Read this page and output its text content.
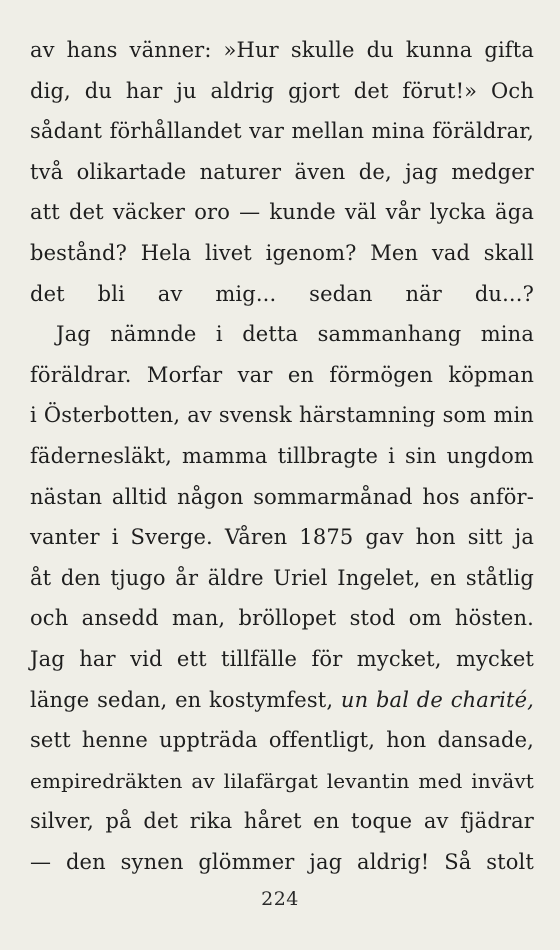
av hans vänner: »Hur skulle du kunna gifta
dig, du har ju aldrig gjort det förut!» Och
sådant förhållandet var mellan mina föräldrar,
två olikartade naturer även de, jag medger
att det väcker oro — kunde väl vår lycka äga
bestånd? Hela livet igenom? Men vad skall
det bli av mig... sedan när du...?
Jag nämnde i detta sammanhang mina
föräldrar. Morfar var en förmögen köpman
i Österbotten, av svensk härstamning som min
fädernesläkt, mamma tillbragte i sin ungdom
nästan alltid någon sommarmånad hos anför-
vanter i Sverge. Våren 1875 gav hon sitt ja
åt den tjugo år äldre Uriel Ingelet, en ståtlig
och ansedd man, bröllopet stod om hösten.
Jag har vid ett tillfälle för mycket, mycket
länge sedan, en kostymfest, un bal de charité,
sett henne uppträda offentligt, hon dansade,
empiredräkten av lilafärgat levantin med invävt
silver, på det rika håret en toque av fjädrar
— den synen glömmer jag aldrig! Så stolt
224
